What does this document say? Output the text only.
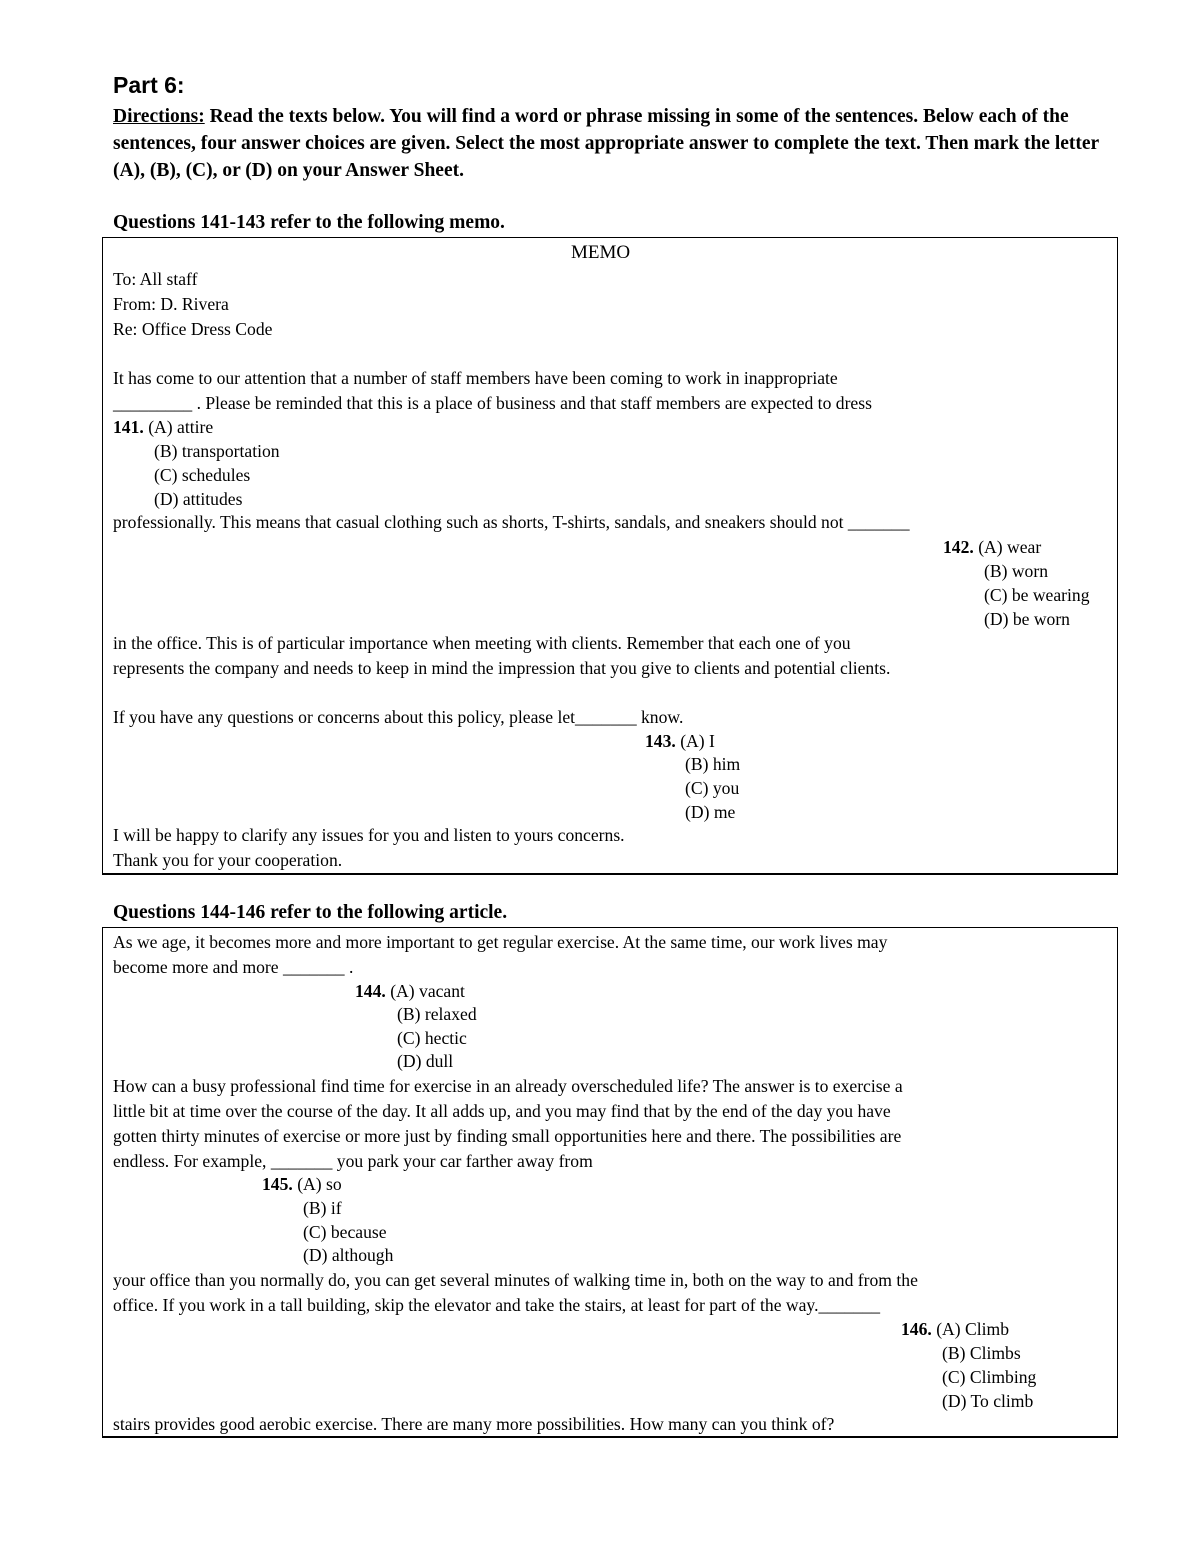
Part 6:
Directions: Read the texts below. You will find a word or phrase missing in some of the sentences. Below each of the sentences, four answer choices are given. Select the most appropriate answer to complete the text. Then mark the letter (A), (B), (C), or (D) on your Answer Sheet.
Questions 141-143 refer to the following memo.
MEMO
To: All staff
From: D. Rivera
Re: Office Dress Code
It has come to our attention that a number of staff members have been coming to work in inappropriate
_________ . Please be reminded that this is a place of business and that staff members are expected to dress
141. (A) attire
(B) transportation
(C) schedules
(D) attitudes
professionally. This means that casual clothing such as shorts, T-shirts, sandals, and sneakers should not _______
142. (A) wear
(B) worn
(C) be wearing
(D) be worn
in the office. This is of particular importance when meeting with clients. Remember that each one of you
represents the company and needs to keep in mind the impression that you give to clients and potential clients.
If you have any questions or concerns about this policy, please let_______ know.
143. (A) I
(B) him
(C) you
(D) me
I will be happy to clarify any issues for you and listen to yours concerns.
Thank you for your cooperation.
Questions 144-146 refer to the following article.
As we age, it becomes more and more important to get regular exercise. At the same time, our work lives may
become more and more _______ .
144. (A) vacant
(B) relaxed
(C) hectic
(D) dull
How can a busy professional find time for exercise in an already overscheduled life? The answer is to exercise a
little bit at time over the course of the day. It all adds up, and you may find that by the end of the day you have
gotten thirty minutes of exercise or more just by finding small opportunities here and there. The possibilities are
endless. For example, _______ you park your car farther away from
145. (A) so
(B) if
(C) because
(D) although
your office than you normally do, you can get several minutes of walking time in, both on the way to and from the
office. If you work in a tall building, skip the elevator and take the stairs, at least for part of the way._______
146. (A) Climb
(B) Climbs
(C) Climbing
(D) To climb
stairs provides good aerobic exercise. There are many more possibilities. How many can you think of?
